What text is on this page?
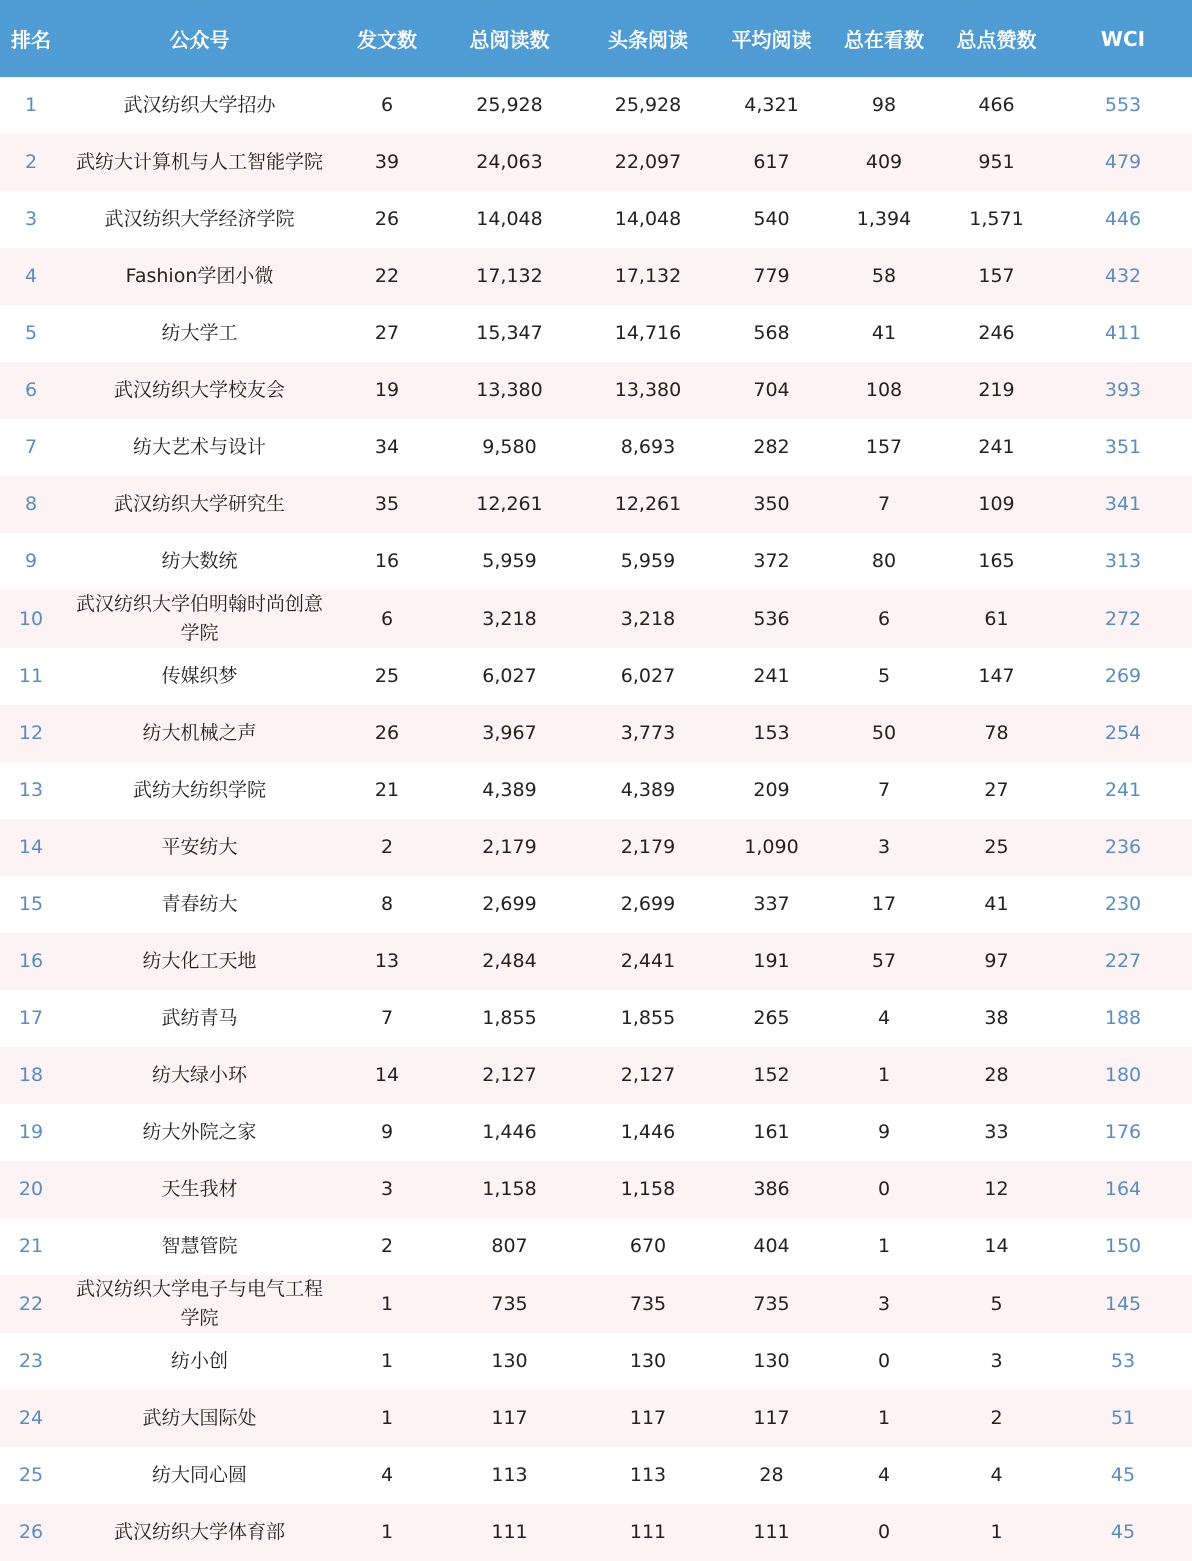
排名	公众号	发文数	总阅读数	头条阅读	平均阅读	总在看数	总点赞数	WCI
1	武汉纺织大学招办	6	25,928	25,928	4,321	98	466	553
2	武纺大计算机与人工智能学院	39	24,063	22,097	617	409	951	479
3	武汉纺织大学经济学院	26	14,048	14,048	540	1,394	1,571	446
4	Fashion学团小微	22	17,132	17,132	779	58	157	432
5	纺大学工	27	15,347	14,716	568	41	246	411
6	武汉纺织大学校友会	19	13,380	13,380	704	108	219	393
7	纺大艺术与设计	34	9,580	8,693	282	157	241	351
8	武汉纺织大学研究生	35	12,261	12,261	350	7	109	341
9	纺大数统	16	5,959	5,959	372	80	165	313
10	武汉纺织大学伯明翰时尚创意学院	6	3,218	3,218	536	6	61	272
11	传媒织梦	25	6,027	6,027	241	5	147	269
12	纺大机械之声	26	3,967	3,773	153	50	78	254
13	武纺大纺织学院	21	4,389	4,389	209	7	27	241
14	平安纺大	2	2,179	2,179	1,090	3	25	236
15	青春纺大	8	2,699	2,699	337	17	41	230
16	纺大化工天地	13	2,484	2,441	191	57	97	227
17	武纺青马	7	1,855	1,855	265	4	38	188
18	纺大绿小环	14	2,127	2,127	152	1	28	180
19	纺大外院之家	9	1,446	1,446	161	9	33	176
20	天生我材	3	1,158	1,158	386	0	12	164
21	智慧管院	2	807	670	404	1	14	150
22	武汉纺织大学电子与电气工程学院	1	735	735	735	3	5	145
23	纺小创	1	130	130	130	0	3	53
24	武纺大国际处	1	117	117	117	1	2	51
25	纺大同心圆	4	113	113	28	4	4	45
26	武汉纺织大学体育部	1	111	111	111	0	1	45
